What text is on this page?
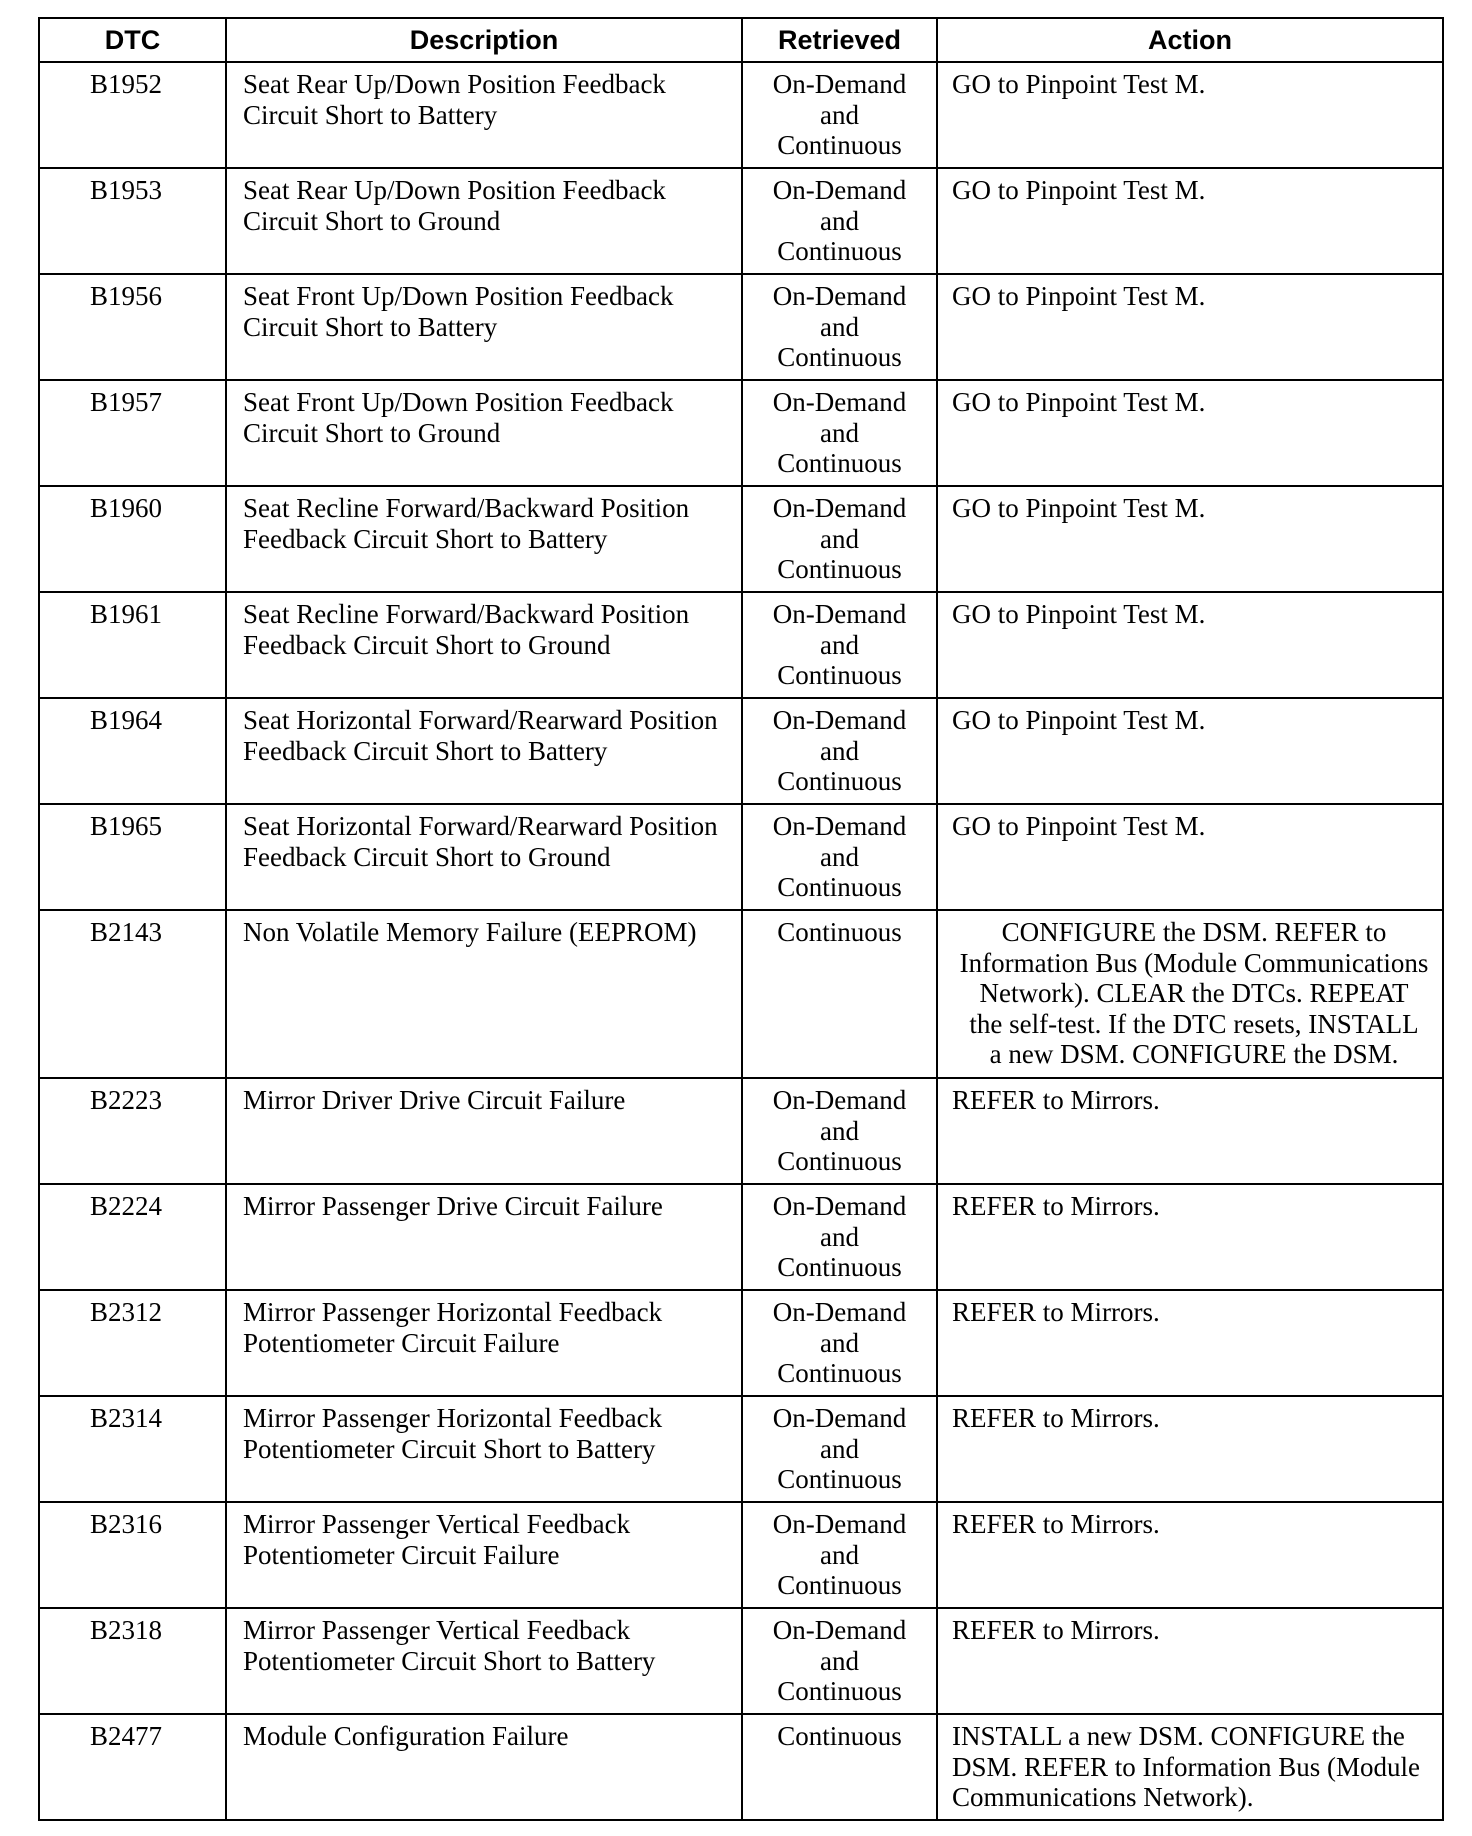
DTC	Description	Retrieved	Action
B1952	Seat Rear Up/Down Position Feedback Circuit Short to Battery	On-Demand
and
Continuous	GO to Pinpoint Test M.
B1953	Seat Rear Up/Down Position Feedback Circuit Short to Ground	On-Demand
and
Continuous	GO to Pinpoint Test M.
B1956	Seat Front Up/Down Position Feedback Circuit Short to Battery	On-Demand
and
Continuous	GO to Pinpoint Test M.
B1957	Seat Front Up/Down Position Feedback Circuit Short to Ground	On-Demand
and
Continuous	GO to Pinpoint Test M.
B1960	Seat Recline Forward/Backward Position Feedback Circuit Short to Battery	On-Demand
and
Continuous	GO to Pinpoint Test M.
B1961	Seat Recline Forward/Backward Position Feedback Circuit Short to Ground	On-Demand
and
Continuous	GO to Pinpoint Test M.
B1964	Seat Horizontal Forward/Rearward Position Feedback Circuit Short to Battery	On-Demand
and
Continuous	GO to Pinpoint Test M.
B1965	Seat Horizontal Forward/Rearward Position Feedback Circuit Short to Ground	On-Demand
and
Continuous	GO to Pinpoint Test M.
B2143	Non Volatile Memory Failure (EEPROM)	Continuous	CONFIGURE the DSM. REFER to
Information Bus (Module Communications
Network). CLEAR the DTCs. REPEAT
the self-test. If the DTC resets, INSTALL
a new DSM. CONFIGURE the DSM.
B2223	Mirror Driver Drive Circuit Failure	On-Demand
and
Continuous	REFER to Mirrors.
B2224	Mirror Passenger Drive Circuit Failure	On-Demand
and
Continuous	REFER to Mirrors.
B2312	Mirror Passenger Horizontal Feedback Potentiometer Circuit Failure	On-Demand
and
Continuous	REFER to Mirrors.
B2314	Mirror Passenger Horizontal Feedback Potentiometer Circuit Short to Battery	On-Demand
and
Continuous	REFER to Mirrors.
B2316	Mirror Passenger Vertical Feedback Potentiometer Circuit Failure	On-Demand
and
Continuous	REFER to Mirrors.
B2318	Mirror Passenger Vertical Feedback Potentiometer Circuit Short to Battery	On-Demand
and
Continuous	REFER to Mirrors.
B2477	Module Configuration Failure	Continuous	INSTALL a new DSM. CONFIGURE the DSM. REFER to Information Bus (Module Communications Network).
